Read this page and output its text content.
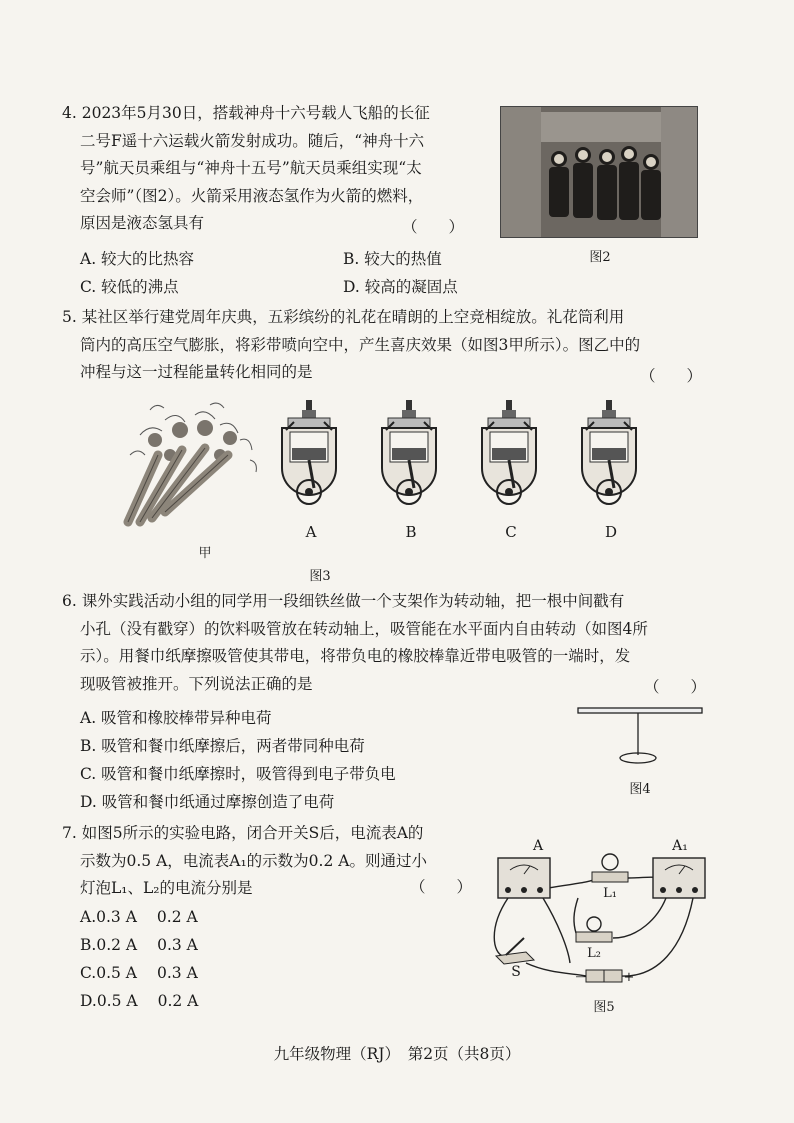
4. 2023年5月30日，搭载神舟十六号载人飞船的长征
二号F遥十六运载火箭发射成功。随后，“神舟十六
号”航天员乘组与“神舟十五号”航天员乘组实现“太
空会师”（图2）。火箭采用液态氢作为火箭的燃料，
原因是液态氢具有	（　　）
A. 较大的比热容	B. 较大的热值
C. 较低的沸点	D. 较高的凝固点
图2
5. 某社区举行建党周年庆典，五彩缤纷的礼花在晴朗的上空竞相绽放。礼花筒利用
筒内的高压空气膨胀，将彩带喷向空中，产生喜庆效果（如图3甲所示）。图乙中的
冲程与这一过程能量转化相同的是	（　　）
甲
A	B	C	D
图3
6. 课外实践活动小组的同学用一段细铁丝做一个支架作为转动轴，把一根中间戳有
小孔（没有戳穿）的饮料吸管放在转动轴上，吸管能在水平面内自由转动（如图4所
示）。用餐巾纸摩擦吸管使其带电，将带负电的橡胶棒靠近带电吸管的一端时，发
现吸管被推开。下列说法正确的是	（　　）
A. 吸管和橡胶棒带异种电荷
B. 吸管和餐巾纸摩擦后，两者带同种电荷
C. 吸管和餐巾纸摩擦时，吸管得到电子带负电
D. 吸管和餐巾纸通过摩擦创造了电荷
图4
7. 如图5所示的实验电路，闭合开关S后，电流表A的
示数为0.5 A，电流表A₁的示数为0.2 A。则通过小
灯泡L₁、L₂的电流分别是	（　　）
A.0.3 A 0.2 A
B.0.2 A 0.3 A
C.0.5 A 0.3 A
D.0.5 A 0.2 A
A	A₁
L₁
L₂
S	+
—
图5
九年级物理（RJ）　第2页（共8页）
